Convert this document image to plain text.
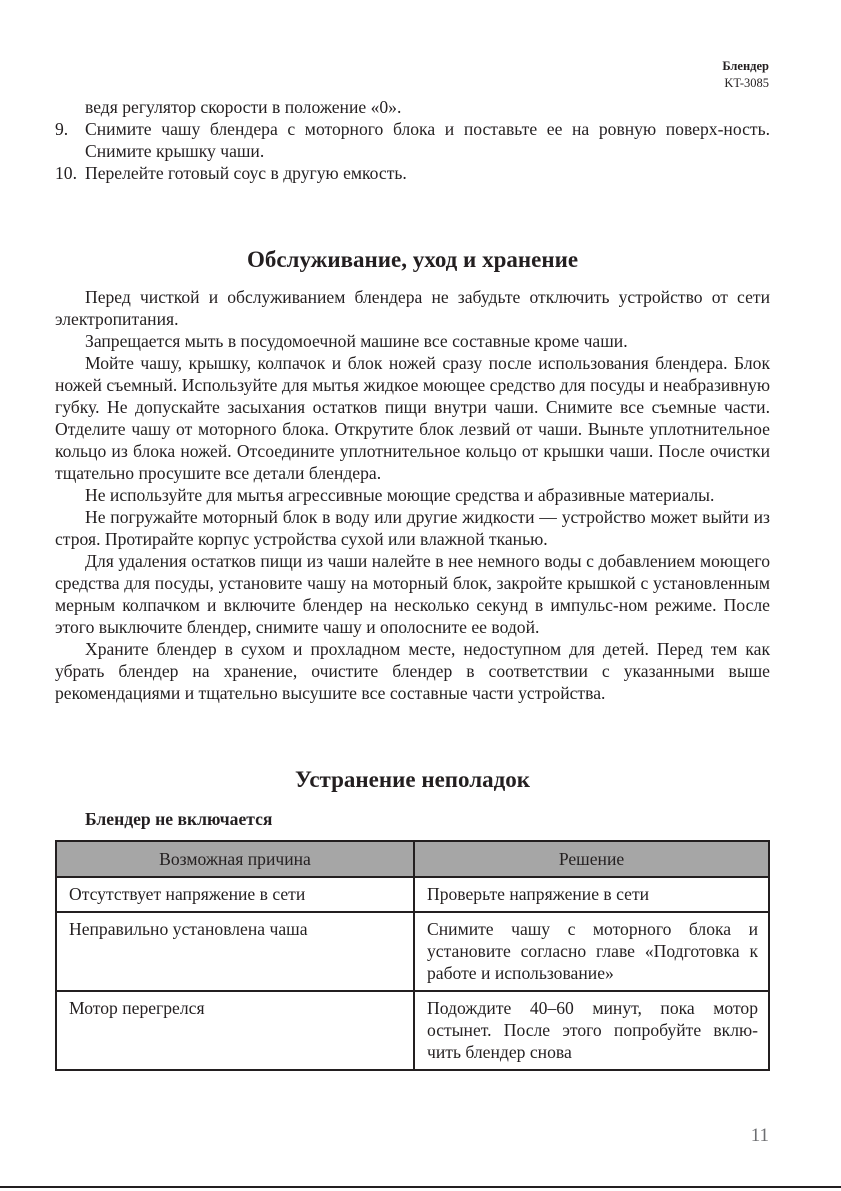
Блендер
KT-3085
ведя регулятор скорости в положение «0».
9. Снимите чашу блендера с моторного блока и поставьте ее на ровную поверх-ность. Снимите крышку чаши.
10. Перелейте готовый соус в другую емкость.
Обслуживание, уход и хранение

Перед чисткой и обслуживанием блендера не забудьте отключить устройство от сети электропитания.

Запрещается мыть в посудомоечной машине все составные кроме чаши.

Мойте чашу, крышку, колпачок и блок ножей сразу после использования блендера. Блок ножей съемный. Используйте для мытья жидкое моющее средство для посуды и неабразивную губку. Не допускайте засыхания остатков пищи внутри чаши. Снимите все съемные части. Отделите чашу от моторного блока. Открутите блок лезвий от чаши. Выньте уплотнительное кольцо из блока ножей. Отсоедините уплотнительное кольцо от крышки чаши. После очистки тщательно просушите все детали блендера.

Не используйте для мытья агрессивные моющие средства и абразивные материалы.

Не погружайте моторный блок в воду или другие жидкости — устройство может выйти из строя. Протирайте корпус устройства сухой или влажной тканью.

Для удаления остатков пищи из чаши налейте в нее немного воды с добавлением моющего средства для посуды, установите чашу на моторный блок, закройте крышкой с установленным мерным колпачком и включите блендер на несколько секунд в импульс-ном режиме. После этого выключите блендер, снимите чашу и ополосните ее водой.

Храните блендер в сухом и прохладном месте, недоступном для детей. Перед тем как убрать блендер на хранение, очистите блендер в соответствии с указанными выше рекомендациями и тщательно высушите все составные части устройства.

Устранение неполадок
Блендер не включается
Возможная причина	Решение
Отсутствует напряжение в сети	Проверьте напряжение в сети
Неправильно установлена чаша	Снимите чашу с моторного блока и установите согласно главе «Подготовка к работе и использование»
Мотор перегрелся	Подождите 40–60 минут, пока мотор остынет. После этого попробуйте вклю-чить блендер снова
11
